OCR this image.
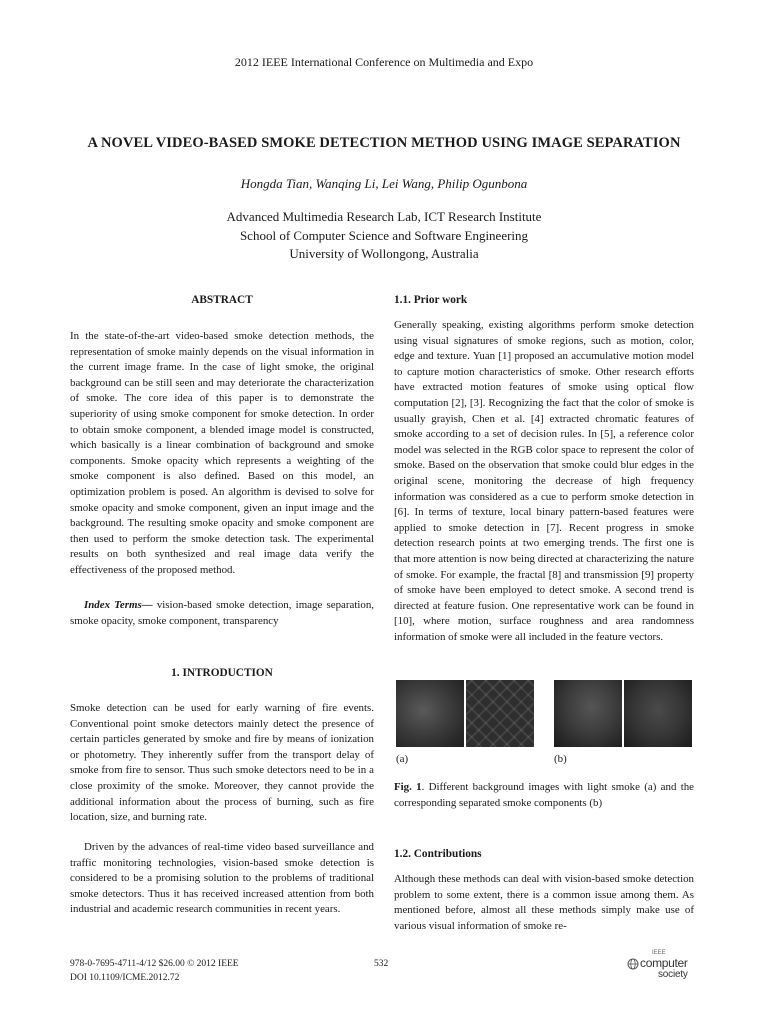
2012 IEEE International Conference on Multimedia and Expo
A NOVEL VIDEO-BASED SMOKE DETECTION METHOD USING IMAGE SEPARATION
Hongda Tian, Wanqing Li, Lei Wang, Philip Ogunbona
Advanced Multimedia Research Lab, ICT Research Institute
School of Computer Science and Software Engineering
University of Wollongong, Australia
ABSTRACT
In the state-of-the-art video-based smoke detection methods, the representation of smoke mainly depends on the visual information in the current image frame. In the case of light smoke, the original background can be still seen and may deteriorate the characterization of smoke. The core idea of this paper is to demonstrate the superiority of using smoke component for smoke detection. In order to obtain smoke component, a blended image model is constructed, which basically is a linear combination of background and smoke components. Smoke opacity which represents a weighting of the smoke component is also defined. Based on this model, an optimization problem is posed. An algorithm is devised to solve for smoke opacity and smoke component, given an input image and the background. The resulting smoke opacity and smoke component are then used to perform the smoke detection task. The experimental results on both synthesized and real image data verify the effectiveness of the proposed method.
Index Terms— vision-based smoke detection, image separation, smoke opacity, smoke component, transparency
1. INTRODUCTION
Smoke detection can be used for early warning of fire events. Conventional point smoke detectors mainly detect the presence of certain particles generated by smoke and fire by means of ionization or photometry. They inherently suffer from the transport delay of smoke from fire to sensor. Thus such smoke detectors need to be in a close proximity of the smoke. Moreover, they cannot provide the additional information about the process of burning, such as fire location, size, and burning rate.
Driven by the advances of real-time video based surveillance and traffic monitoring technologies, vision-based smoke detection is considered to be a promising solution to the problems of traditional smoke detectors. Thus it has received increased attention from both industrial and academic research communities in recent years.
1.1. Prior work
Generally speaking, existing algorithms perform smoke detection using visual signatures of smoke regions, such as motion, color, edge and texture. Yuan [1] proposed an accumulative motion model to capture motion characteristics of smoke. Other research efforts have extracted motion features of smoke using optical flow computation [2], [3]. Recognizing the fact that the color of smoke is usually grayish, Chen et al. [4] extracted chromatic features of smoke according to a set of decision rules. In [5], a reference color model was selected in the RGB color space to represent the color of smoke. Based on the observation that smoke could blur edges in the original scene, monitoring the decrease of high frequency information was considered as a cue to perform smoke detection in [6]. In terms of texture, local binary pattern-based features were applied to smoke detection in [7]. Recent progress in smoke detection research points at two emerging trends. The first one is that more attention is now being directed at characterizing the nature of smoke. For example, the fractal [8] and transmission [9] property of smoke have been employed to detect smoke. A second trend is directed at feature fusion. One representative work can be found in [10], where motion, surface roughness and area randomness information of smoke were all included in the feature vectors.
(a)	(b)
Fig. 1. Different background images with light smoke (a) and the corresponding separated smoke components (b)
1.2. Contributions
Although these methods can deal with vision-based smoke detection problem to some extent, there is a common issue among them. As mentioned before, almost all these methods simply make use of various visual information of smoke re-
978-0-7695-4711-4/12 $26.00 © 2012 IEEE
DOI 10.1109/ICME.2012.72
532
IEEE
computer
society
